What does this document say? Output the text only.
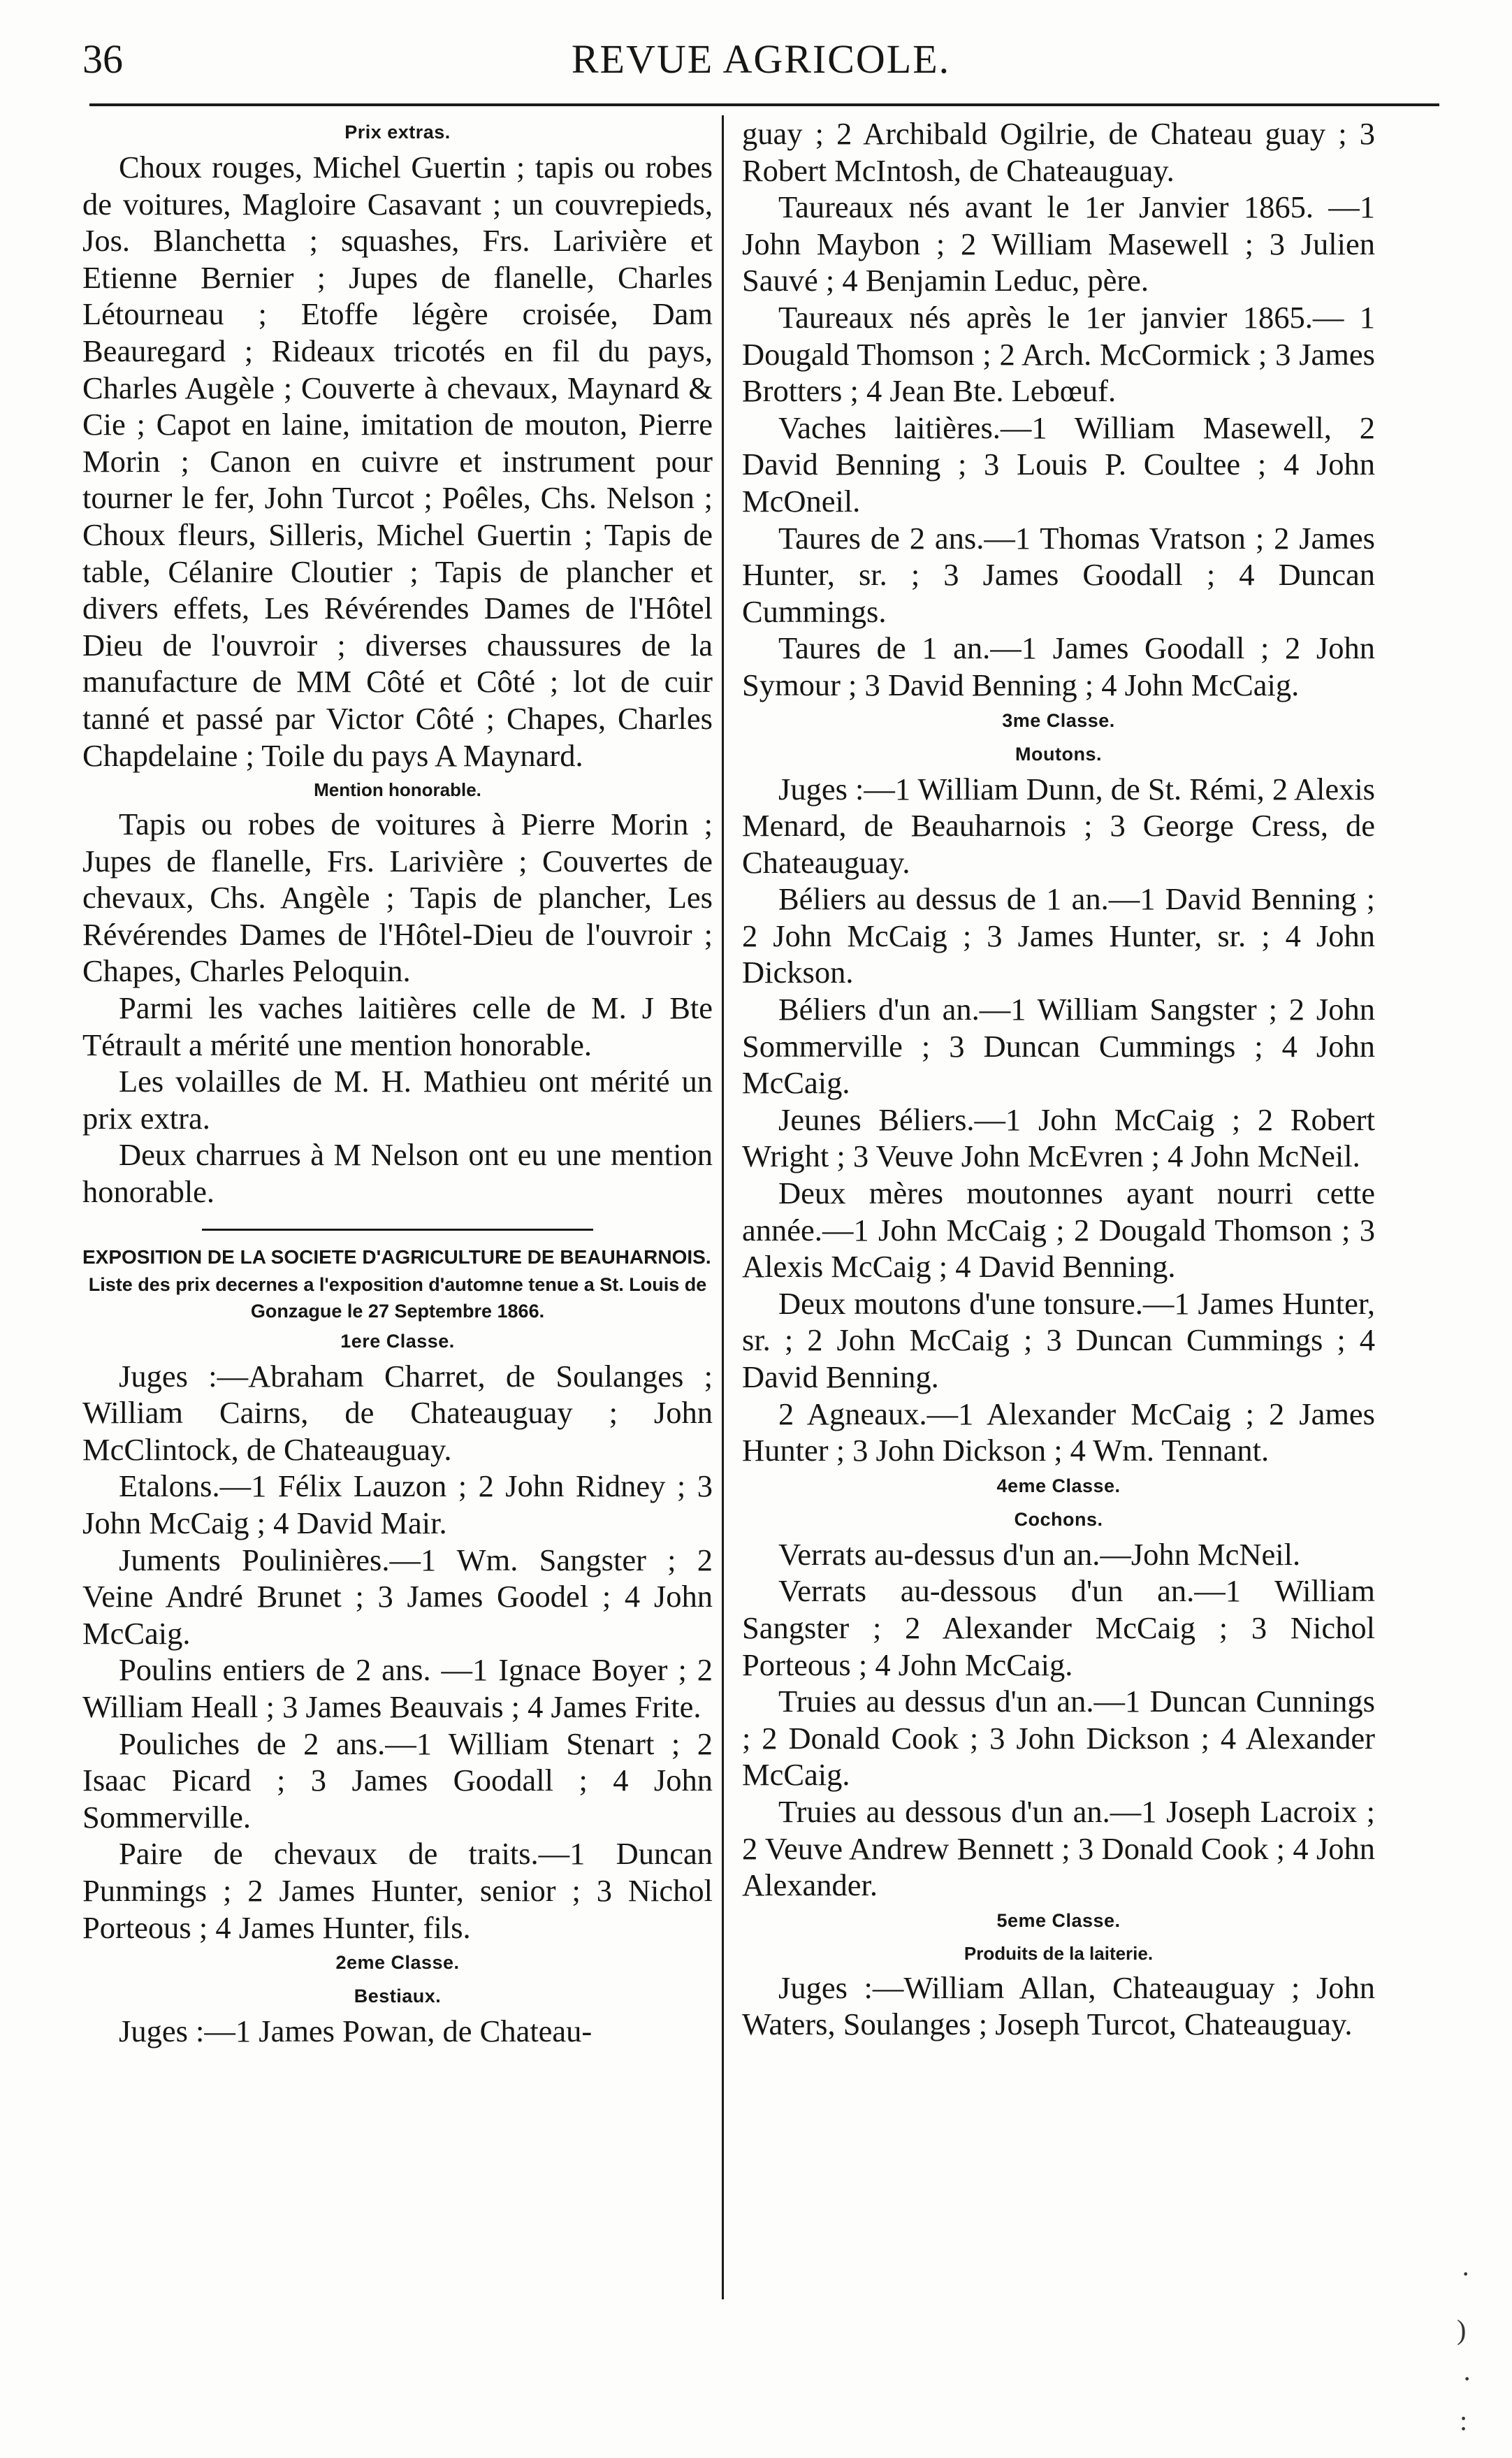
36	REVUE AGRICOLE.

Prix extras.

Choux rouges, Michel Guertin ; tapis ou robes de voitures, Magloire Casavant ; un couvrepieds, Jos. Blanchetta ; squashes, Frs. Larivière et Etienne Bernier ; Jupes de flanelle, Charles Létourneau ; Etoffe légère croisée, Dam Beauregard ; Rideaux tricotés en fil du pays, Charles Augèle ; Couverte à chevaux, Maynard & Cie ; Capot en laine, imitation de mouton, Pierre Morin ; Canon en cuivre et instrument pour tourner le fer, John Turcot ; Poêles, Chs. Nelson ; Choux fleurs, Silleris, Michel Guertin ; Tapis de table, Célanire Cloutier ; Tapis de plancher et divers effets, Les Révérendes Dames de l'Hôtel Dieu de l'ouvroir ; diverses chaussures de la manufacture de MM Côté et Côté ; lot de cuir tanné et passé par Victor Côté ; Chapes, Charles Chapdelaine ; Toile du pays A Maynard.

Mention honorable.

Tapis ou robes de voitures à Pierre Morin ; Jupes de flanelle, Frs. Larivière ; Couvertes de chevaux, Chs. Angèle ; Tapis de plancher, Les Révérendes Dames de l'Hôtel-Dieu de l'ouvroir ; Chapes, Charles Peloquin.

Parmi les vaches laitières celle de M. J Bte Tétrault a mérité une mention honorable.

Les volailles de M. H. Mathieu ont mérité un prix extra.

Deux charrues à M Nelson ont eu une mention honorable.

EXPOSITION DE LA SOCIETE D'AGRICULTURE DE BEAUHARNOIS.

Liste des prix decernes a l'exposition d'automne tenue a St. Louis de Gonzague le 27 Septembre 1866.

1ere Classe.

Juges :—Abraham Charret, de Soulanges ; William Cairns, de Chateauguay ; John McClintock, de Chateauguay.

Etalons.—1 Félix Lauzon ; 2 John Ridney ; 3 John McCaig ; 4 David Mair.

Juments Poulinières.—1 Wm. Sangster ; 2 Veine André Brunet ; 3 James Goodel ; 4 John McCaig.

Poulins entiers de 2 ans. —1 Ignace Boyer ; 2 William Heall ; 3 James Beauvais ; 4 James Frite.

Pouliches de 2 ans.—1 William Stenart ; 2 Isaac Picard ; 3 James Goodall ; 4 John Sommerville.

Paire de chevaux de traits.—1 Duncan Punmings ; 2 James Hunter, senior ; 3 Nichol Porteous ; 4 James Hunter, fils.

2eme Classe.

Bestiaux.

Juges :—1 James Powan, de Chateau-

guay ; 2 Archibald Ogilrie, de Chateau guay ; 3 Robert McIntosh, de Chateauguay.

Taureaux nés avant le 1er Janvier 1865. —1 John Maybon ; 2 William Masewell ; 3 Julien Sauvé ; 4 Benjamin Leduc, père.

Taureaux nés après le 1er janvier 1865.— 1 Dougald Thomson ; 2 Arch. McCormick ; 3 James Brotters ; 4 Jean Bte. Lebœuf.

Vaches laitières.—1 William Masewell, 2 David Benning ; 3 Louis P. Coultee ; 4 John McOneil.

Taures de 2 ans.—1 Thomas Vratson ; 2 James Hunter, sr. ; 3 James Goodall ; 4 Duncan Cummings.

Taures de 1 an.—1 James Goodall ; 2 John Symour ; 3 David Benning ; 4 John McCaig.

3me Classe.

Moutons.

Juges :—1 William Dunn, de St. Rémi, 2 Alexis Menard, de Beauharnois ; 3 George Cress, de Chateauguay.

Béliers au dessus de 1 an.—1 David Benning ; 2 John McCaig ; 3 James Hunter, sr. ; 4 John Dickson.

Béliers d'un an.—1 William Sangster ; 2 John Sommerville ; 3 Duncan Cummings ; 4 John McCaig.

Jeunes Béliers.—1 John McCaig ; 2 Robert Wright ; 3 Veuve John McEvren ; 4 John McNeil.

Deux mères moutonnes ayant nourri cette année.—1 John McCaig ; 2 Dougald Thomson ; 3 Alexis McCaig ; 4 David Benning.

Deux moutons d'une tonsure.—1 James Hunter, sr. ; 2 John McCaig ; 3 Duncan Cummings ; 4 David Benning.

2 Agneaux.—1 Alexander McCaig ; 2 James Hunter ; 3 John Dickson ; 4 Wm. Tennant.

4eme Classe.

Cochons.

Verrats au-dessus d'un an.—John McNeil.

Verrats au-dessous d'un an.—1 William Sangster ; 2 Alexander McCaig ; 3 Nichol Porteous ; 4 John McCaig.

Truies au dessus d'un an.—1 Duncan Cunnings ; 2 Donald Cook ; 3 John Dickson ; 4 Alexander McCaig.

Truies au dessous d'un an.—1 Joseph Lacroix ; 2 Veuve Andrew Bennett ; 3 Donald Cook ; 4 John Alexander.

5eme Classe.

Produits de la laiterie.

Juges :—William Allan, Chateauguay ; John Waters, Soulanges ; Joseph Turcot, Chateauguay.

·
)
·
:
